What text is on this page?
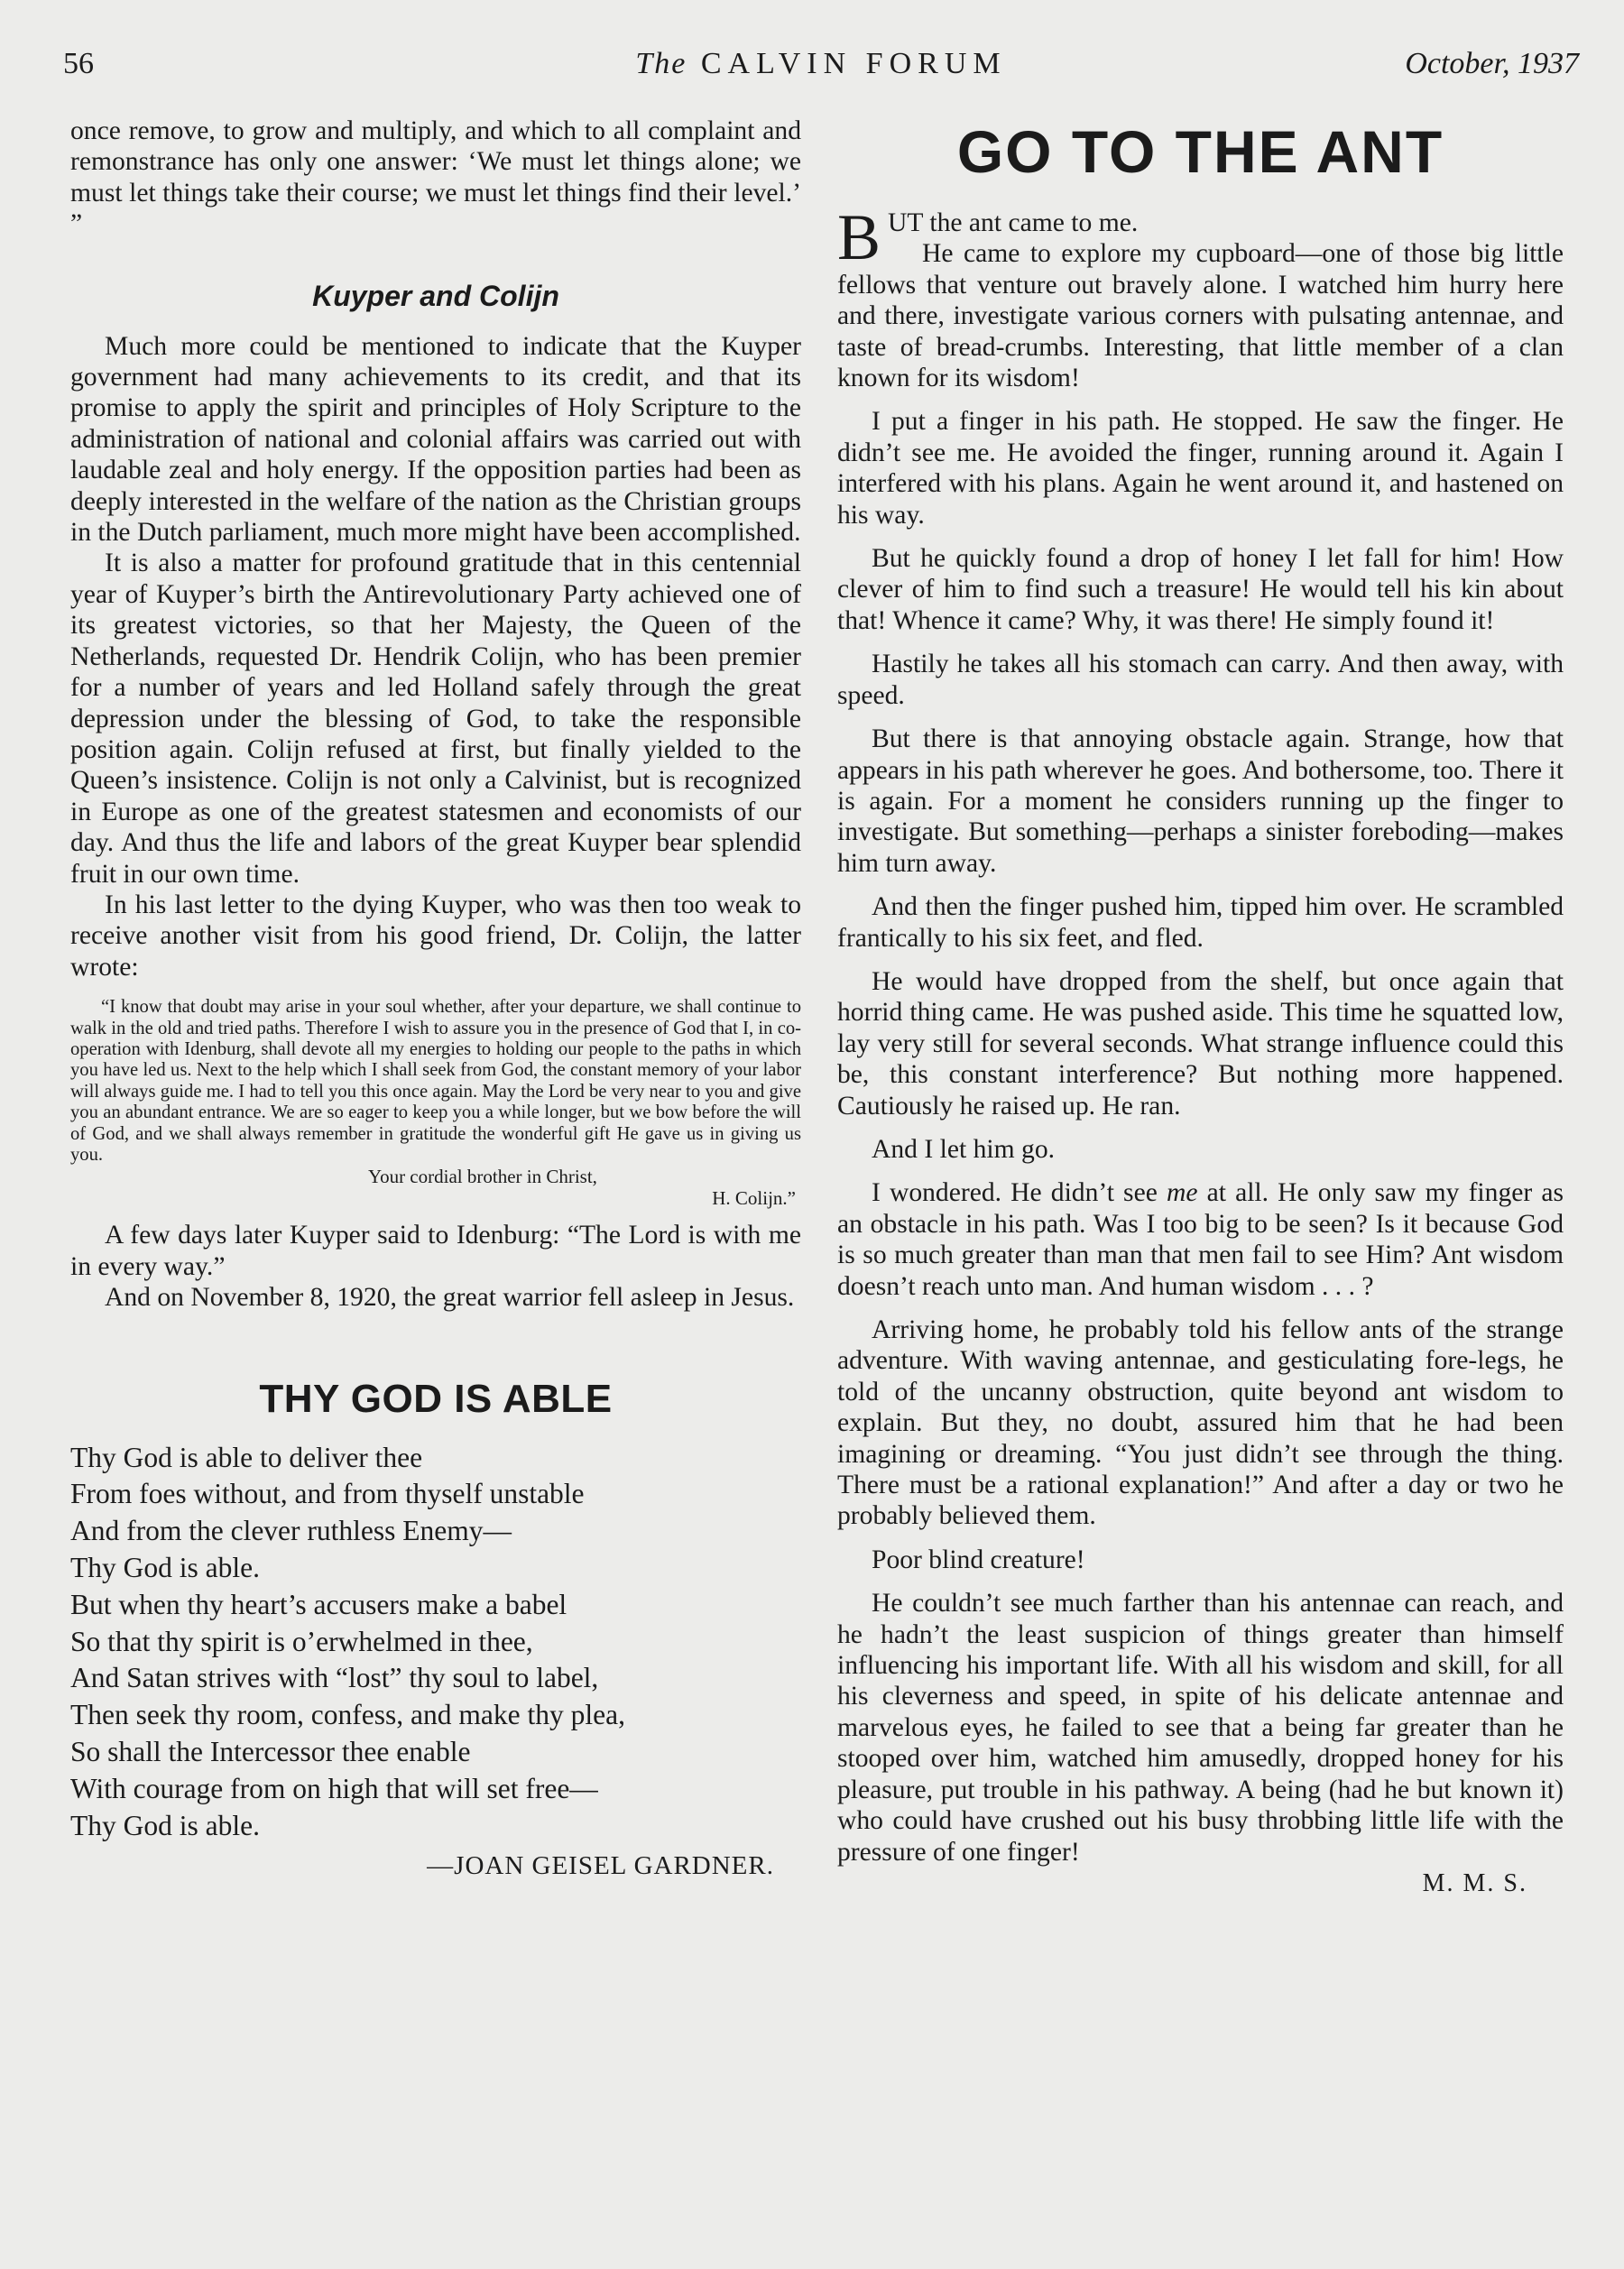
56	The CALVIN FORUM	October, 1937

once remove, to grow and multiply, and which to all complaint and remonstrance has only one answer: ‘We must let things alone; we must let things take their course; we must let things find their level.’ ”

Kuyper and Colijn

Much more could be mentioned to indicate that the Kuyper government had many achievements to its credit, and that its promise to apply the spirit and principles of Holy Scripture to the administration of national and colonial affairs was carried out with laudable zeal and holy energy. If the opposition parties had been as deeply interested in the welfare of the nation as the Christian groups in the Dutch parliament, much more might have been accomplished.

It is also a matter for profound gratitude that in this centennial year of Kuyper’s birth the Antirevolutionary Party achieved one of its greatest victories, so that her Majesty, the Queen of the Netherlands, requested Dr. Hendrik Colijn, who has been premier for a number of years and led Holland safely through the great depression under the blessing of God, to take the responsible position again. Colijn refused at first, but finally yielded to the Queen’s insistence. Colijn is not only a Calvinist, but is recognized in Europe as one of the greatest statesmen and economists of our day. And thus the life and labors of the great Kuyper bear splendid fruit in our own time.

In his last letter to the dying Kuyper, who was then too weak to receive another visit from his good friend, Dr. Colijn, the latter wrote:

“I know that doubt may arise in your soul whether, after your departure, we shall continue to walk in the old and tried paths. Therefore I wish to assure you in the presence of God that I, in co-operation with Idenburg, shall devote all my energies to holding our people to the paths in which you have led us. Next to the help which I shall seek from God, the constant memory of your labor will always guide me. I had to tell you this once again. May the Lord be very near to you and give you an abundant entrance. We are so eager to keep you a while longer, but we bow before the will of God, and we shall always remember in gratitude the wonderful gift He gave us in giving us you.

Your cordial brother in Christ,
H. Colijn.”

A few days later Kuyper said to Idenburg: “The Lord is with me in every way.”

And on November 8, 1920, the great warrior fell asleep in Jesus.

THY GOD IS ABLE
Thy God is able to deliver thee
From foes without, and from thyself unstable
And from the clever ruthless Enemy—
Thy God is able.
But when thy heart’s accusers make a babel
So that thy spirit is o’erwhelmed in thee,
And Satan strives with “lost” thy soul to label,
Then seek thy room, confess, and make thy plea,
So shall the Intercessor thee enable
With courage from on high that will set free—
Thy God is able.
—JOAN GEISEL GARDNER.
GO TO THE ANT

BUT the ant came to me.

He came to explore my cupboard—one of those big little fellows that venture out bravely alone. I watched him hurry here and there, investigate various corners with pulsating antennae, and taste of bread-crumbs. Interesting, that little member of a clan known for its wisdom!

I put a finger in his path. He stopped. He saw the finger. He didn’t see me. He avoided the finger, running around it. Again I interfered with his plans. Again he went around it, and hastened on his way.

But he quickly found a drop of honey I let fall for him! How clever of him to find such a treasure! He would tell his kin about that! Whence it came? Why, it was there! He simply found it!

Hastily he takes all his stomach can carry. And then away, with speed.

But there is that annoying obstacle again. Strange, how that appears in his path wherever he goes. And bothersome, too. There it is again. For a moment he considers running up the finger to investigate. But something—perhaps a sinister foreboding—makes him turn away.

And then the finger pushed him, tipped him over. He scrambled frantically to his six feet, and fled.

He would have dropped from the shelf, but once again that horrid thing came. He was pushed aside. This time he squatted low, lay very still for several seconds. What strange influence could this be, this constant interference? But nothing more happened. Cautiously he raised up. He ran.

And I let him go.

I wondered. He didn’t see me at all. He only saw my finger as an obstacle in his path. Was I too big to be seen? Is it because God is so much greater than man that men fail to see Him? Ant wisdom doesn’t reach unto man. And human wisdom . . . ?

Arriving home, he probably told his fellow ants of the strange adventure. With waving antennae, and gesticulating fore-legs, he told of the uncanny obstruction, quite beyond ant wisdom to explain. But they, no doubt, assured him that he had been imagining or dreaming. “You just didn’t see through the thing. There must be a rational explanation!” And after a day or two he probably believed them.

Poor blind creature!

He couldn’t see much farther than his antennae can reach, and he hadn’t the least suspicion of things greater than himself influencing his important life. With all his wisdom and skill, for all his cleverness and speed, in spite of his delicate antennae and marvelous eyes, he failed to see that a being far greater than he stooped over him, watched him amusedly, dropped honey for his pleasure, put trouble in his pathway. A being (had he but known it) who could have crushed out his busy throbbing little life with the pressure of one finger!

M. M. S.
